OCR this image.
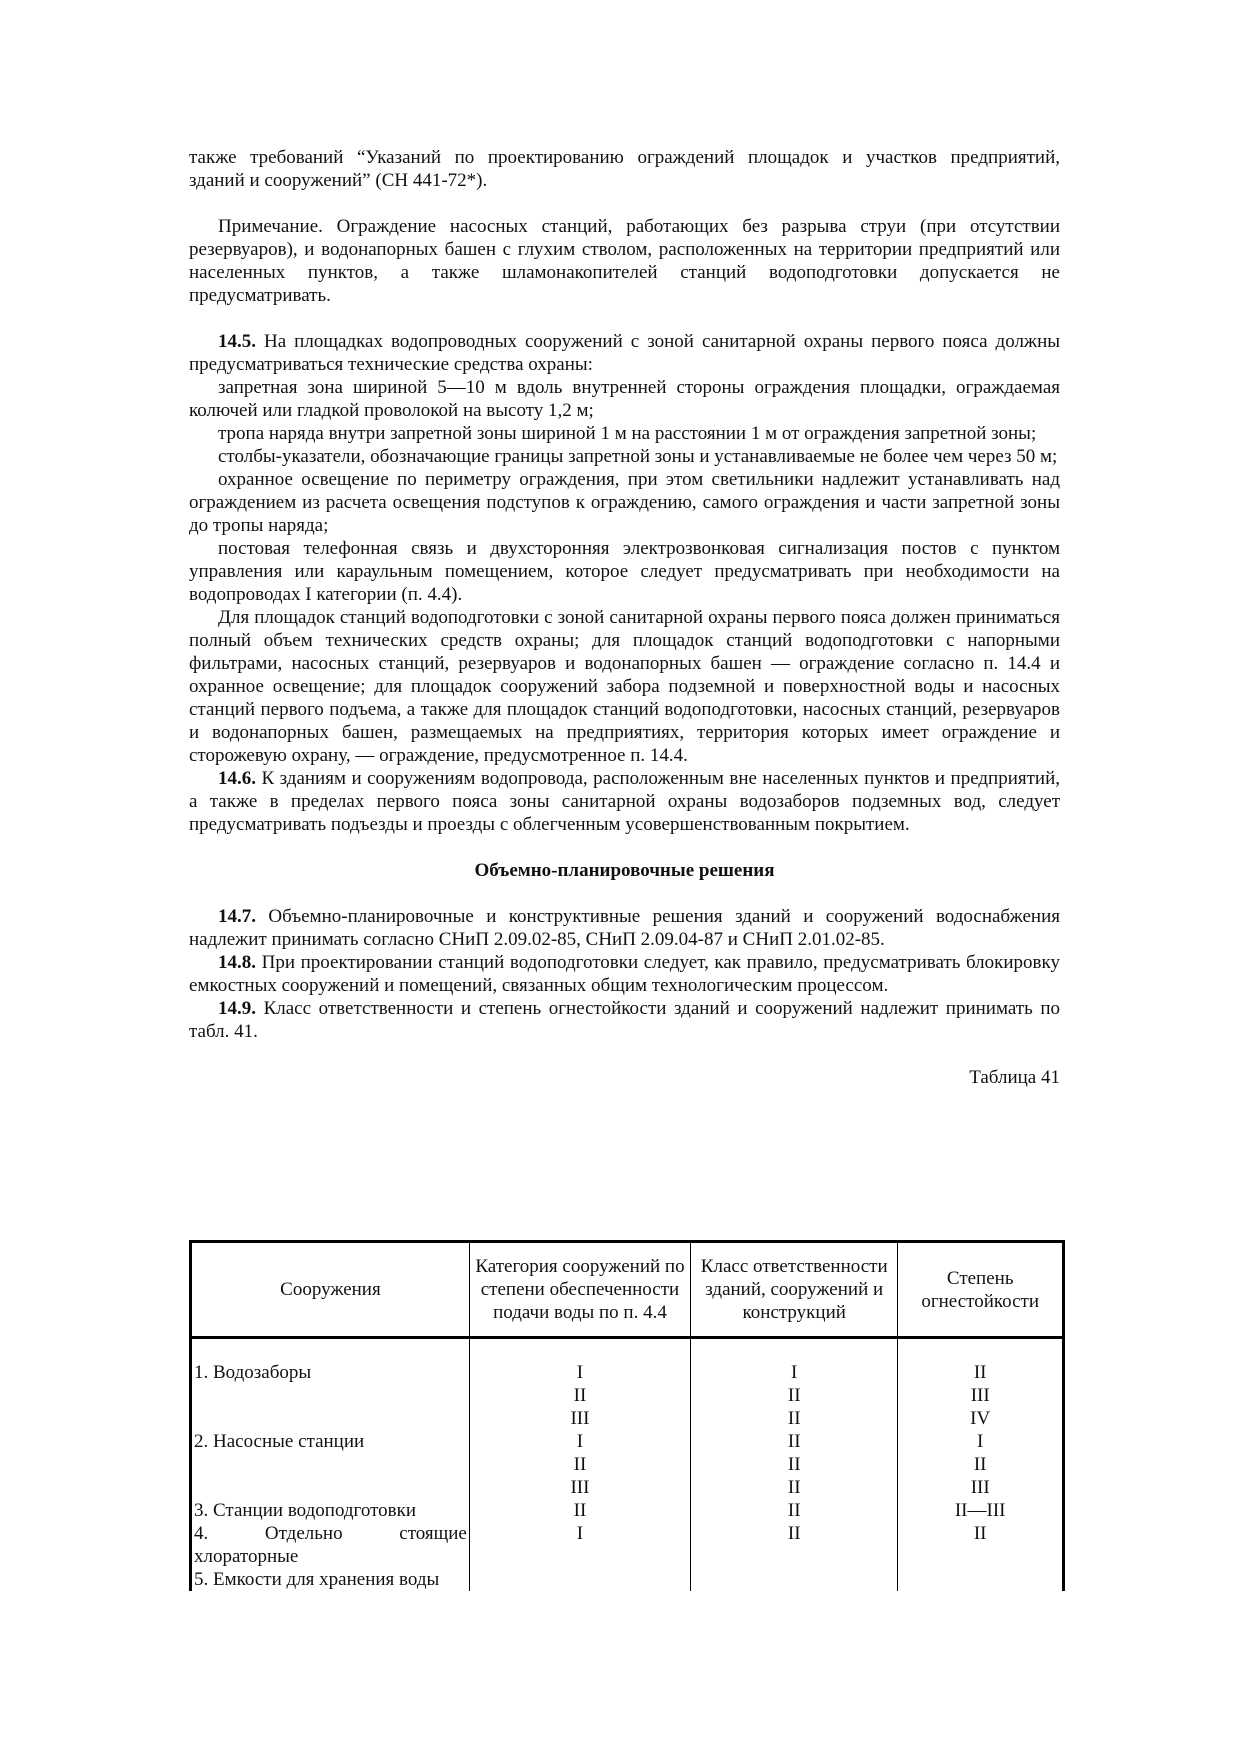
также требований “Указаний по проектированию ограждений площадок и участков предприятий,

зданий и сооружений” (СН 441-72*).

Примечание. Ограждение насосных станций, работающих без разрыва струи (при отсутствии резервуаров), и водонапорных башен с глухим стволом, расположенных на территории предприятий или населенных пунктов, а также шламонакопителей станций водоподготовки допускается не предусматривать.

14.5. На площадках водопроводных сооружений с зоной санитарной охраны первого пояса должны предусматриваться технические средства охраны:

запретная зона шириной 5—10 м вдоль внутренней стороны ограждения площадки, ограждаемая колючей или гладкой проволокой на высоту 1,2 м;

тропа наряда внутри запретной зоны шириной 1 м на расстоянии 1 м от ограждения запретной зоны;

столбы-указатели, обозначающие границы запретной зоны и устанавливаемые не более чем через 50 м;

охранное освещение по периметру ограждения, при этом светильники надлежит устанавливать над ограждением из расчета освещения подступов к ограждению, самого ограждения и части запретной зоны до тропы наряда;

постовая телефонная связь и двухсторонняя электрозвонковая сигнализация постов с пунктом управления или караульным помещением, которое следует предусматривать при необходимости на водопроводах I категории (п. 4.4).

Для площадок станций водоподготовки с зоной санитарной охраны первого пояса должен приниматься полный объем технических средств охраны; для площадок станций водоподготовки с напорными фильтрами, насосных станций, резервуаров и водонапорных башен — ограждение согласно п. 14.4 и охранное освещение; для площадок сооружений забора подземной и поверхностной воды и насосных станций первого подъема, а также для площадок станций водоподготовки, насосных станций, резервуаров и водонапорных башен, размещаемых на предприятиях, территория которых имеет ограждение и сторожевую охрану, — ограждение, предусмотренное п. 14.4.

14.6. К зданиям и сооружениям водопровода, расположенным вне населенных пунктов и предприятий, а также в пределах первого пояса зоны санитарной охраны водозаборов подземных вод, следует предусматривать подъезды и проезды с облегченным усовершенствованным покрытием.

Объемно-планировочные решения

14.7. Объемно-планировочные и конструктивные решения зданий и сооружений водоснабжения надлежит принимать согласно СНиП 2.09.02-85, СНиП 2.09.04-87 и СНиП 2.01.02-85.

14.8. При проектировании станций водоподготовки следует, как правило, предусматривать блокировку емкостных сооружений и помещений, связанных общим технологическим процессом.

14.9. Класс ответственности и степень огнестойкости зданий и сооружений надлежит принимать по табл. 41.

Таблица 41

Сооружения	Категория сооружений по степени обеспеченности подачи воды по п. 4.4	Класс ответственности зданий, сооружений и конструкций	Степень огнестойкости

1. Водозаборы	I	I	II
	II	II	III
	III	II	IV
2. Насосные станции	I	II	I
	II	II	II
	III	II	III
3. Станции водоподготовки	II	II	II—III

4. Отдельно стоящие
хлораторные	I	II	II
5. Емкости для хранения воды			
